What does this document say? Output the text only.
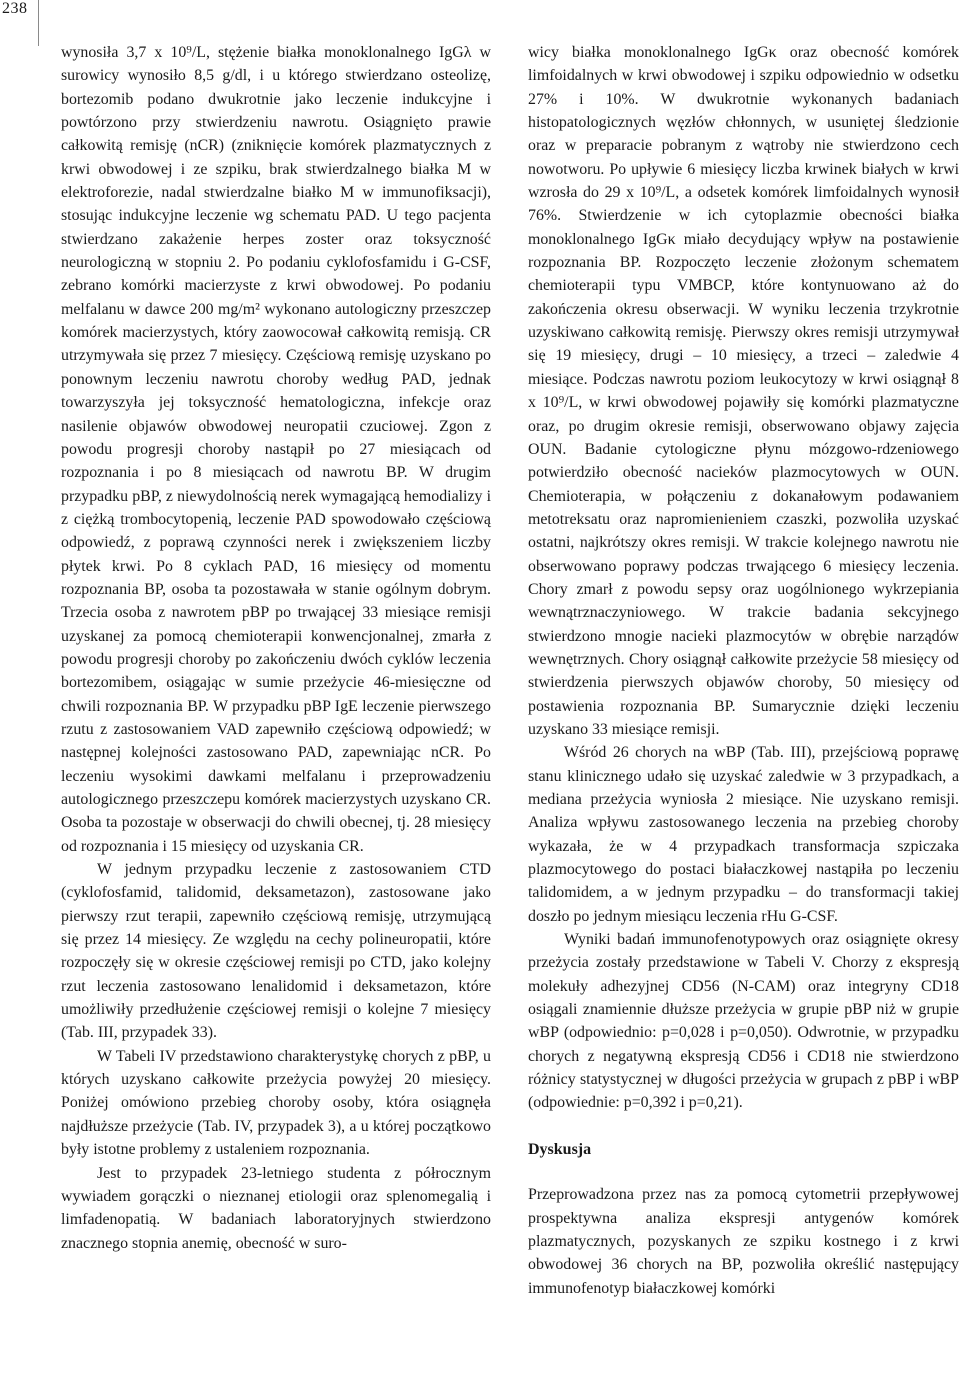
238

wynosiła 3,7 x 10⁹/L, stężenie białka monoklonalnego IgGλ w surowicy wynosiło 8,5 g/dl, i u którego stwierdzano osteolizę, bortezomib podano dwukrotnie jako leczenie indukcyjne i powtórzono przy stwierdzeniu nawrotu. Osiągnięto prawie całkowitą remisję (nCR) (zniknięcie komórek plazmatycznych z krwi obwodowej i ze szpiku, brak stwierdzalnego białka M w elektroforezie, nadal stwierdzalne białko M w immunofiksacji), stosując indukcyjne leczenie wg schematu PAD. U tego pacjenta stwierdzano zakażenie herpes zoster oraz toksyczność neurologiczną w stopniu 2. Po podaniu cyklofosfamidu i G-CSF, zebrano komórki macierzyste z krwi obwodowej. Po podaniu melfalanu w dawce 200 mg/m² wykonano autologiczny przeszczep komórek macierzystych, który zaowocował całkowitą remisją. CR utrzymywała się przez 7 miesięcy. Częściową remisję uzyskano po ponownym leczeniu nawrotu choroby według PAD, jednak towarzyszyła jej toksyczność hematologiczna, infekcje oraz nasilenie objawów obwodowej neuropatii czuciowej. Zgon z powodu progresji choroby nastąpił po 27 miesiącach od rozpoznania i po 8 miesiącach od nawrotu BP. W drugim przypadku pBP, z niewydolnością nerek wymagającą hemodializy i z ciężką trombocytopenią, leczenie PAD spowodowało częściową odpowiedź, z poprawą czynności nerek i zwiększeniem liczby płytek krwi. Po 8 cyklach PAD, 16 miesięcy od momentu rozpoznania BP, osoba ta pozostawała w stanie ogólnym dobrym. Trzecia osoba z nawrotem pBP po trwającej 33 miesiące remisji uzyskanej za pomocą chemioterapii konwencjonalnej, zmarła z powodu progresji choroby po zakończeniu dwóch cyklów leczenia bortezomibem, osiągając w sumie przeżycie 46-miesięczne od chwili rozpoznania BP. W przypadku pBP IgE leczenie pierwszego rzutu z zastosowaniem VAD zapewniło częściową odpowiedź; w następnej kolejności zastosowano PAD, zapewniając nCR. Po leczeniu wysokimi dawkami melfalanu i przeprowadzeniu autologicznego przeszczepu komórek macierzystych uzyskano CR. Osoba ta pozostaje w obserwacji do chwili obecnej, tj. 28 miesięcy od rozpoznania i 15 miesięcy od uzyskania CR.

W jednym przypadku leczenie z zastosowaniem CTD (cyklofosfamid, talidomid, deksametazon), zastosowane jako pierwszy rzut terapii, zapewniło częściową remisję, utrzymującą się przez 14 miesięcy. Ze względu na cechy polineuropatii, które rozpoczęły się w okresie częściowej remisji po CTD, jako kolejny rzut leczenia zastosowano lenalidomid i deksametazon, które umożliwiły przedłużenie częściowej remisji o kolejne 7 miesięcy (Tab. III, przypadek 33).

W Tabeli IV przedstawiono charakterystykę chorych z pBP, u których uzyskano całkowite przeżycia powyżej 20 miesięcy. Poniżej omówiono przebieg choroby osoby, która osiągnęła najdłuższe przeżycie (Tab. IV, przypadek 3), a u której początkowo były istotne problemy z ustaleniem rozpoznania.

Jest to przypadek 23-letniego studenta z półrocznym wywiadem gorączki o nieznanej etiologii oraz splenomegalią i limfadenopatią. W badaniach laboratoryjnych stwierdzono znacznego stopnia anemię, obecność w suro-

wicy białka monoklonalnego IgGκ oraz obecność komórek limfoidalnych w krwi obwodowej i szpiku odpowiednio w odsetku 27% i 10%. W dwukrotnie wykonanych badaniach histopatologicznych węzłów chłonnych, w usuniętej śledzionie oraz w preparacie pobranym z wątroby nie stwierdzono cech nowotworu. Po upływie 6 miesięcy liczba krwinek białych w krwi wzrosła do 29 x 10⁹/L, a odsetek komórek limfoidalnych wynosił 76%. Stwierdzenie w ich cytoplazmie obecności białka monoklonalnego IgGκ miało decydujący wpływ na postawienie rozpoznania BP. Rozpoczęto leczenie złożonym schematem chemioterapii typu VMBCP, które kontynuowano aż do zakończenia okresu obserwacji. W wyniku leczenia trzykrotnie uzyskiwano całkowitą remisję. Pierwszy okres remisji utrzymywał się 19 miesięcy, drugi – 10 miesięcy, a trzeci – zaledwie 4 miesiące. Podczas nawrotu poziom leukocytozy w krwi osiągnął 8 x 10⁹/L, w krwi obwodowej pojawiły się komórki plazmatyczne oraz, po drugim okresie remisji, obserwowano objawy zajęcia OUN. Badanie cytologiczne płynu mózgowo-rdzeniowego potwierdziło obecność nacieków plazmocytowych w OUN. Chemioterapia, w połączeniu z dokanałowym podawaniem metotreksatu oraz napromienieniem czaszki, pozwoliła uzyskać ostatni, najkrótszy okres remisji. W trakcie kolejnego nawrotu nie obserwowano poprawy podczas trwającego 6 miesięcy leczenia. Chory zmarł z powodu sepsy oraz uogólnionego wykrzepiania wewnątrznaczyniowego. W trakcie badania sekcyjnego stwierdzono mnogie nacieki plazmocytów w obrębie narządów wewnętrznych. Chory osiągnął całkowite przeżycie 58 miesięcy od stwierdzenia pierwszych objawów choroby, 50 miesięcy od postawienia rozpoznania BP. Sumarycznie dzięki leczeniu uzyskano 33 miesiące remisji.

Wśród 26 chorych na wBP (Tab. III), przejściową poprawę stanu klinicznego udało się uzyskać zaledwie w 3 przypadkach, a mediana przeżycia wyniosła 2 miesiące. Nie uzyskano remisji. Analiza wpływu zastosowanego leczenia na przebieg choroby wykazała, że w 4 przypadkach transformacja szpiczaka plazmocytowego do postaci białaczkowej nastąpiła po leczeniu talidomidem, a w jednym przypadku – do transformacji takiej doszło po jednym miesiącu leczenia rHu G-CSF.

Wyniki badań immunofenotypowych oraz osiągnięte okresy przeżycia zostały przedstawione w Tabeli V. Chorzy z ekspresją molekuły adhezyjnej CD56 (N-CAM) oraz integryny CD18 osiągali znamiennie dłuższe przeżycia w grupie pBP niż w grupie wBP (odpowiednio: p=0,028 i p=0,050). Odwrotnie, w przypadku chorych z negatywną ekspresją CD56 i CD18 nie stwierdzono różnicy statystycznej w długości przeżycia w grupach z pBP i wBP (odpowiednie: p=0,392 i p=0,21).

Dyskusja

Przeprowadzona przez nas za pomocą cytometrii przepływowej prospektywna analiza ekspresji antygenów komórek plazmatycznych, pozyskanych ze szpiku kostnego i z krwi obwodowej 36 chorych na BP, pozwoliła określić następujący immunofenotyp białaczkowej komórki
